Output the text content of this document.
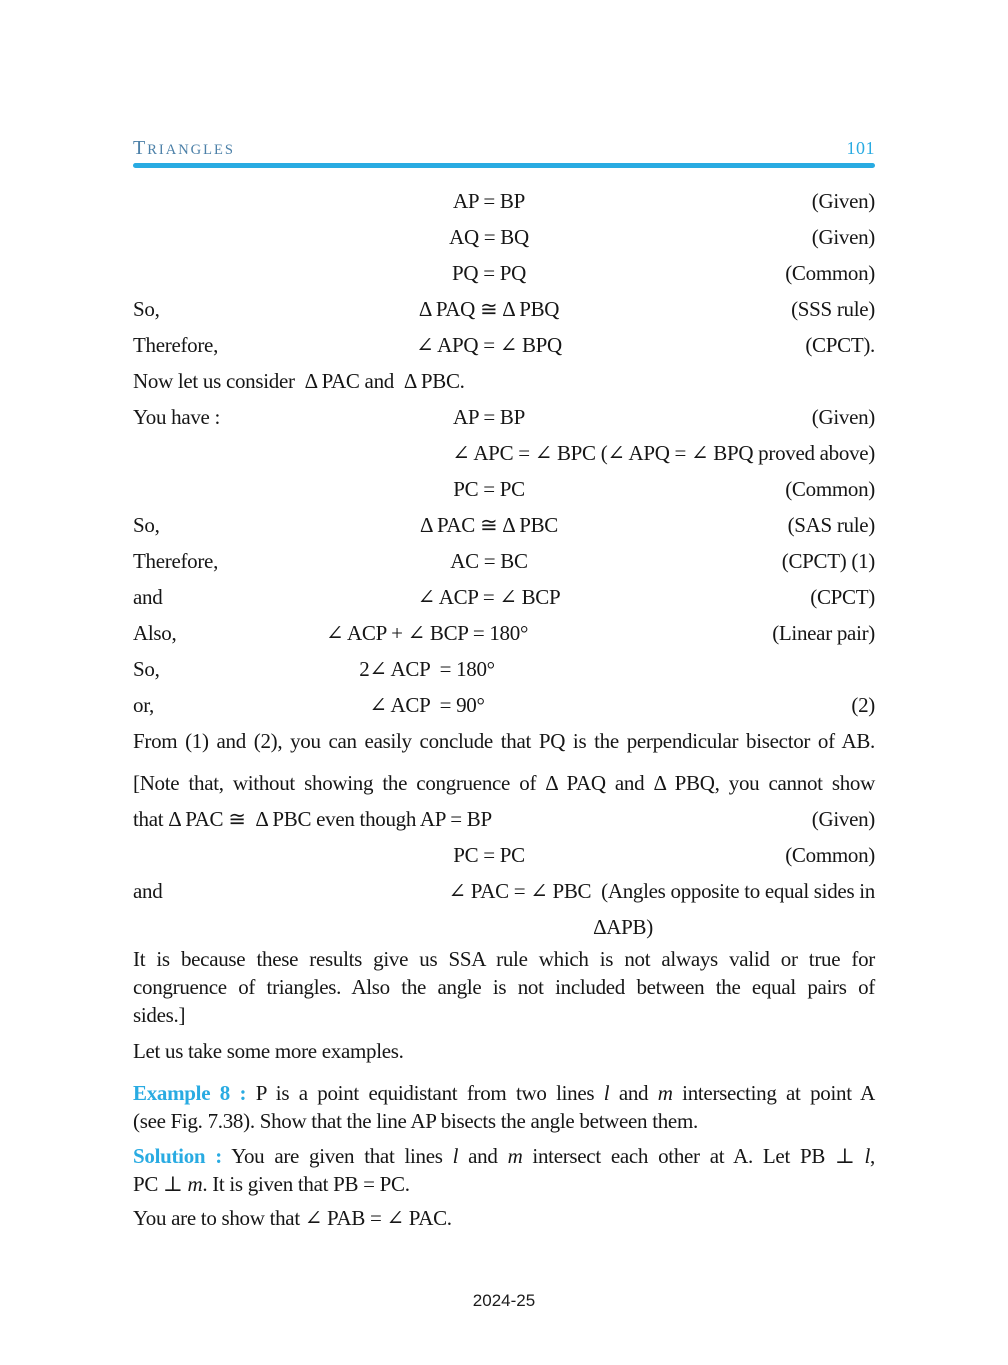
TRIANGLES	101
AP = BP	(Given)
AQ = BQ	(Given)
PQ = PQ	(Common)
So,	Δ PAQ ≅ Δ PBQ	(SSS rule)
Therefore,	∠ APQ = ∠ BPQ	(CPCT).
Now let us consider  Δ PAC and  Δ PBC.
You have :	AP = BP	(Given)
∠ APC = ∠ BPC (∠ APQ = ∠ BPQ proved above)
PC = PC	(Common)
So,	Δ PAC ≅ Δ PBC	(SAS rule)
Therefore,	AC = BC	(CPCT) (1)
and	∠ ACP = ∠ BCP	(CPCT)
Also,	∠ ACP + ∠ BCP = 180°	(Linear pair)
So,	2∠ ACP  = 180°
or,	∠ ACP  = 90°	(2)
From (1) and (2), you can easily conclude that PQ is the perpendicular bisector of AB.
[Note that, without showing the congruence of Δ PAQ and Δ PBQ, you cannot show
that Δ PAC ≅  Δ PBC even though AP = BP	(Given)
PC = PC	(Common)
and	∠ PAC = ∠ PBC  (Angles opposite to equal sides in
ΔAPB)
It is because these results give us SSA rule which is not always valid or true for
congruence of triangles. Also the angle is not included between the equal pairs of
sides.]
Let us take some more examples.
Example 8 : P is a point equidistant from two lines l and m intersecting at point A
(see Fig. 7.38). Show that the line AP bisects the angle between them.
Solution : You are given that lines l and m intersect each other at A. Let PB ⊥ l,
PC ⊥ m. It is given that PB = PC.
You are to show that ∠ PAB = ∠ PAC.
2024-25
